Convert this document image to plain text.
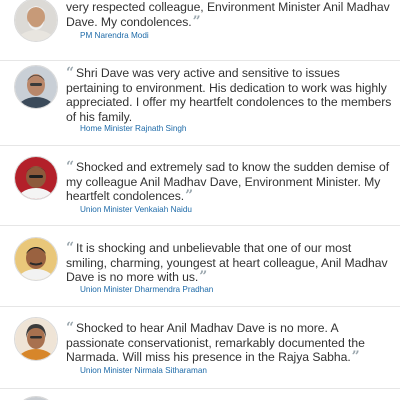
very respected colleague, Environment Minister Anil Madhav Dave. My condolences.”

PM Narendra Modi

“ Shri Dave was very active and sensitive to issues pertaining to environment. His dedication to work was highly appreciated. I offer my heartfelt condolences to the members of his family.

Home Minister Rajnath Singh

“ Shocked and extremely sad to know the sudden demise of my colleague Anil Madhav Dave, Environment Minister. My heartfelt condolences.”

Union Minister Venkaiah Naidu

“ It is shocking and unbelievable that one of our most smiling, charming, youngest at heart colleague, Anil Madhav Dave is no more with us.”

Union Minister Dharmendra Pradhan

“ Shocked to hear Anil Madhav Dave is no more. A passionate conservationist, remarkably documented the Narmada. Will miss his presence in the Rajya Sabha.”

Union Minister Nirmala Sitharaman
